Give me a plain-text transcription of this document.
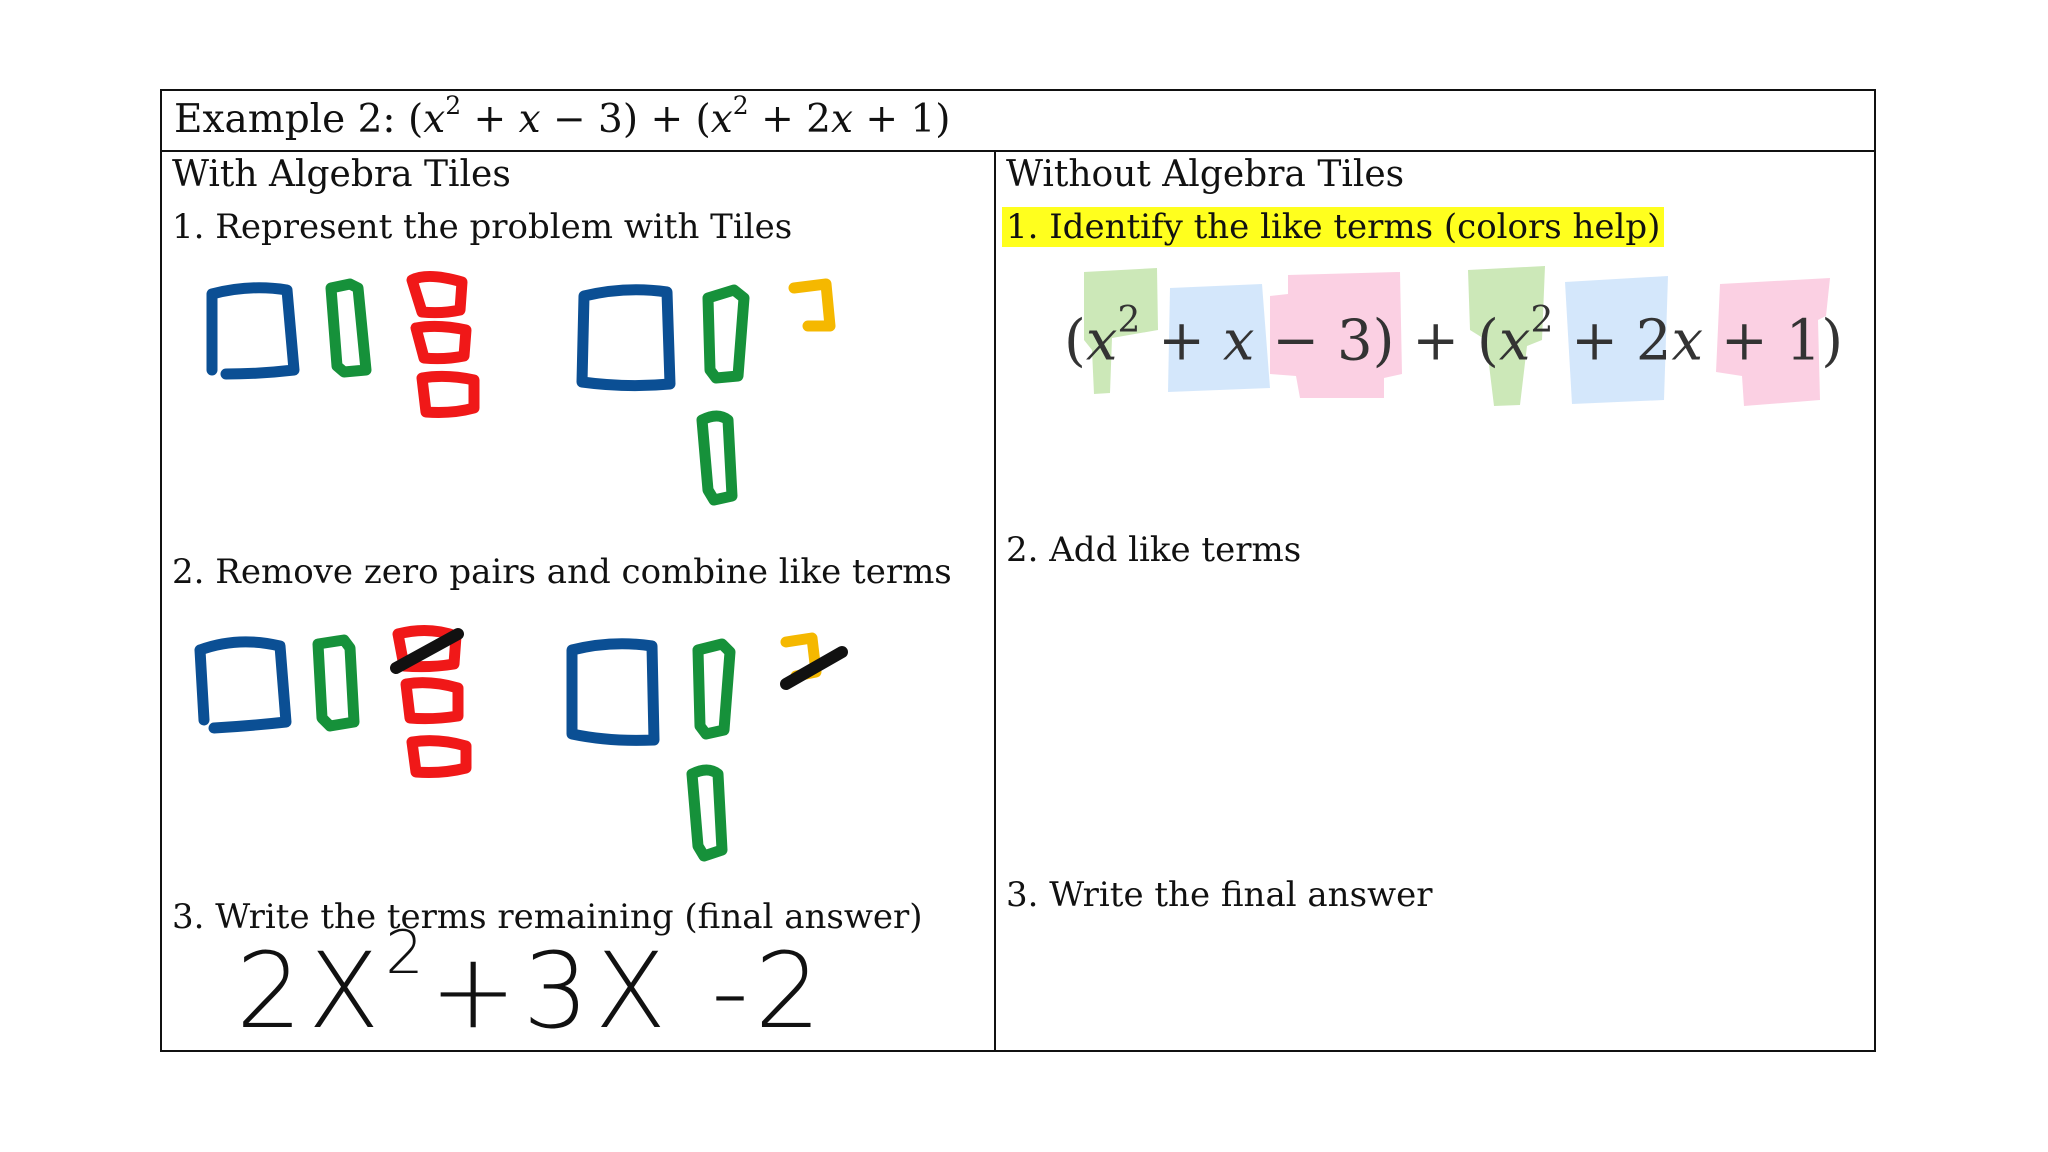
Example 2: $(x^2 + x - 3) + (x^2 + 2x + 1)$
With Algebra Tiles
1. Represent the problem with Tiles
2. Remove zero pairs and combine like terms
3. Write the terms remaining (final answer)
Without Algebra Tiles
1. Identify the like terms (colors help)
2. Add like terms
3. Write the final answer
$(x^2 + x - 3) + (x^2 + 2x + 1)$
$2X^2+3X$ -2
